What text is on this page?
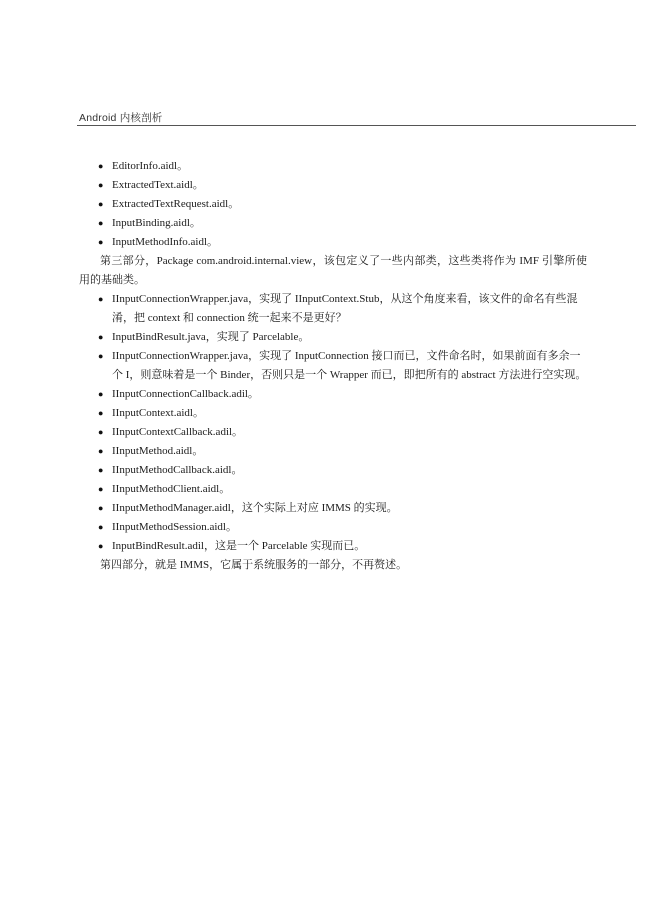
Android 内核剖析
● EditorInfo.aidl。
● ExtractedText.aidl。
● ExtractedTextRequest.aidl。
● InputBinding.aidl。
● InputMethodInfo.aidl。

第三部分，Package com.android.internal.view，该包定义了一些内部类，这些类将作为 IMF 引擎所使用的基础类。

● IInputConnectionWrapper.java，实现了 IInputContext.Stub，从这个角度来看，该文件的命名有些混淆，把 context 和 connection 统一起来不是更好？
● InputBindResult.java，实现了 Parcelable。
● IInputConnectionWrapper.java，实现了 InputConnection 接口而已，文件命名时，如果前面有多余一个 I，则意味着是一个 Binder，否则只是一个 Wrapper 而已，即把所有的 abstract 方法进行空实现。
● IInputConnectionCallback.adil。
● IInputContext.aidl。
● IInputContextCallback.adil。
● IInputMethod.aidl。
● IInputMethodCallback.aidl。
● IInputMethodClient.aidl。
● IInputMethodManager.aidl，这个实际上对应 IMMS 的实现。
● IInputMethodSession.aidl。
● InputBindResult.adil，这是一个 Parcelable 实现而已。

第四部分，就是 IMMS，它属于系统服务的一部分，不再赘述。
